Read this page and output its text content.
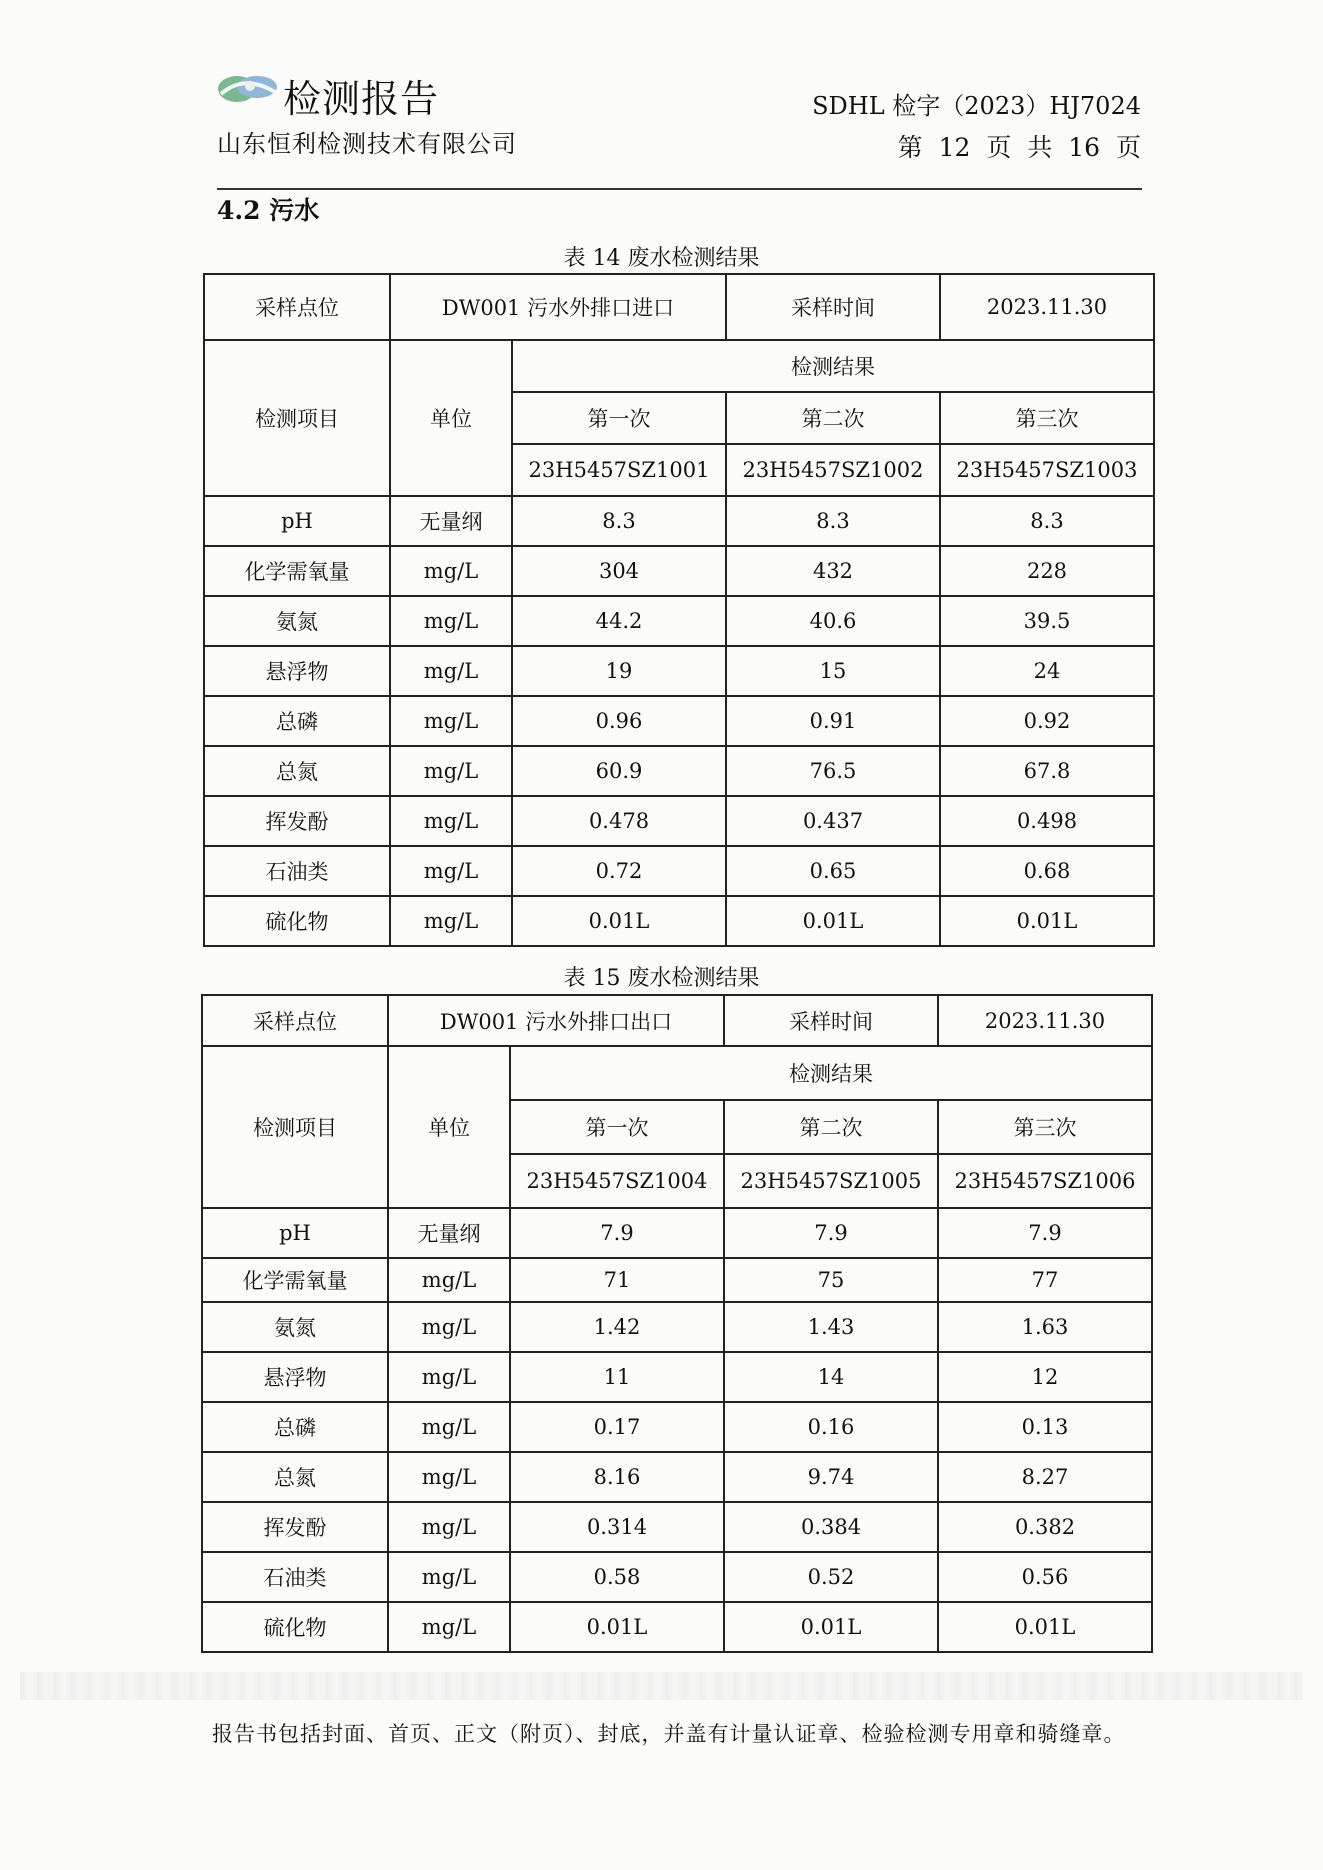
检测报告
山东恒利检测技术有限公司
SDHL 检字（2023）HJ7024
第 12 页 共 16 页
4.2 污水
表 14 废水检测结果
采样点位	DW001 污水外排口进口		采样时间	2023.11.30
检测项目	单位	检测结果		
		第一次	第二次	第三次
		23H5457SZ1001	23H5457SZ1002	23H5457SZ1003
pH	无量纲	8.3	8.3	8.3
化学需氧量	mg/L	304	432	228
氨氮	mg/L	44.2	40.6	39.5
悬浮物	mg/L	19	15	24
总磷	mg/L	0.96	0.91	0.92
总氮	mg/L	60.9	76.5	67.8
挥发酚	mg/L	0.478	0.437	0.498
石油类	mg/L	0.72	0.65	0.68
硫化物	mg/L	0.01L	0.01L	0.01L
表 15 废水检测结果
采样点位	DW001 污水外排口出口		采样时间	2023.11.30
检测项目	单位	检测结果		
		第一次	第二次	第三次
		23H5457SZ1004	23H5457SZ1005	23H5457SZ1006
pH	无量纲	7.9	7.9	7.9
化学需氧量	mg/L	71	75	77
氨氮	mg/L	1.42	1.43	1.63
悬浮物	mg/L	11	14	12
总磷	mg/L	0.17	0.16	0.13
总氮	mg/L	8.16	9.74	8.27
挥发酚	mg/L	0.314	0.384	0.382
石油类	mg/L	0.58	0.52	0.56
硫化物	mg/L	0.01L	0.01L	0.01L
报告书包括封面、首页、正文（附页）、封底，并盖有计量认证章、检验检测专用章和骑缝章。
